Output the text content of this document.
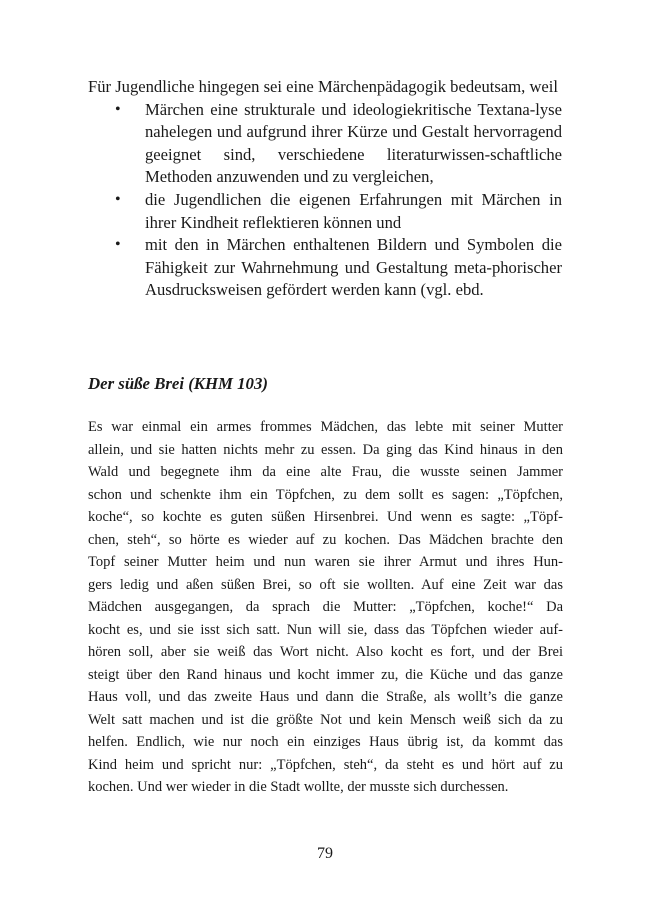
Für Jugendliche hingegen sei eine Märchenpädagogik bedeutsam, weil

• Märchen eine strukturale und ideologiekritische Textana-lyse nahelegen und aufgrund ihrer Kürze und Gestalt hervorragend geeignet sind, verschiedene literaturwissen-schaftliche Methoden anzuwenden und zu vergleichen,
• die Jugendlichen die eigenen Erfahrungen mit Märchen in ihrer Kindheit reflektieren können und
• mit den in Märchen enthaltenen Bildern und Symbolen die Fähigkeit zur Wahrnehmung und Gestaltung meta-phorischer Ausdrucksweisen gefördert werden kann (vgl. ebd.
Der süße Brei (KHM 103)
Es war einmal ein armes frommes Mädchen, das lebte mit seiner Mutter
allein, und sie hatten nichts mehr zu essen. Da ging das Kind hinaus in den
Wald und begegnete ihm da eine alte Frau, die wusste seinen Jammer
schon und schenkte ihm ein Töpfchen, zu dem sollt es sagen: „Töpfchen,
koche“, so kochte es guten süßen Hirsenbrei. Und wenn es sagte: „Töpf-
chen, steh“, so hörte es wieder auf zu kochen. Das Mädchen brachte den
Topf seiner Mutter heim und nun waren sie ihrer Armut und ihres Hun-
gers ledig und aßen süßen Brei, so oft sie wollten. Auf eine Zeit war das
Mädchen ausgegangen, da sprach die Mutter: „Töpfchen, koche!“ Da
kocht es, und sie isst sich satt. Nun will sie, dass das Töpfchen wieder auf-
hören soll, aber sie weiß das Wort nicht. Also kocht es fort, und der Brei
steigt über den Rand hinaus und kocht immer zu, die Küche und das ganze
Haus voll, und das zweite Haus und dann die Straße, als wollt’s die ganze
Welt satt machen und ist die größte Not und kein Mensch weiß sich da zu
helfen. Endlich, wie nur noch ein einziges Haus übrig ist, da kommt das
Kind heim und spricht nur: „Töpfchen, steh“, da steht es und hört auf zu
kochen. Und wer wieder in die Stadt wollte, der musste sich durchessen.

79
